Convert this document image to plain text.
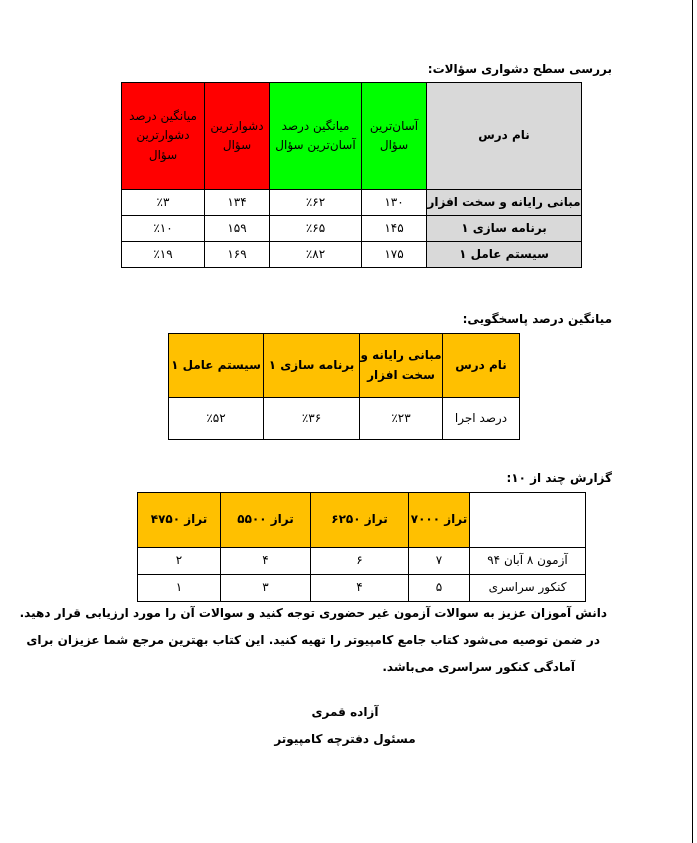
بررسی سطح دشواری سؤالات:
نام درس	آسان‌ترین سؤال	میانگین درصد آسان‌ترین سؤال	دشوارترین سؤال	میانگین درصد دشوارترین سؤال
مبانی رایانه و سخت افزار	۱۳۰	٪۶۲	۱۳۴	٪۳
برنامه سازی ۱	۱۴۵	٪۶۵	۱۵۹	٪۱۰
سیستم عامل ۱	۱۷۵	٪۸۲	۱۶۹	٪۱۹
میانگین درصد پاسخگویی:
نام درس	مبانی رایانه و سخت افزار	برنامه سازی ۱	سیستم عامل ۱
درصد اجرا	٪۲۳	٪۳۶	٪۵۲
گزارش چند از ۱۰:
	تراز ۷۰۰۰	تراز ۶۲۵۰	تراز ۵۵۰۰	تراز ۴۷۵۰
آزمون ۸ آبان ۹۴	۷	۶	۴	۲
کنکور سراسری	۵	۴	۳	۱
دانش آموزان عزیز به سوالات آزمون غیر حضوری توجه کنید و سوالات آن را مورد ارزیابی قرار دهید.
در ضمن توصیه می‌شود کتاب جامع کامپیوتر را تهیه کنید. این کتاب بهترین مرجع شما عزیزان برای
آمادگی کنکور سراسری می‌باشد.
آزاده قمری
مسئول دفترچه کامپیوتر
